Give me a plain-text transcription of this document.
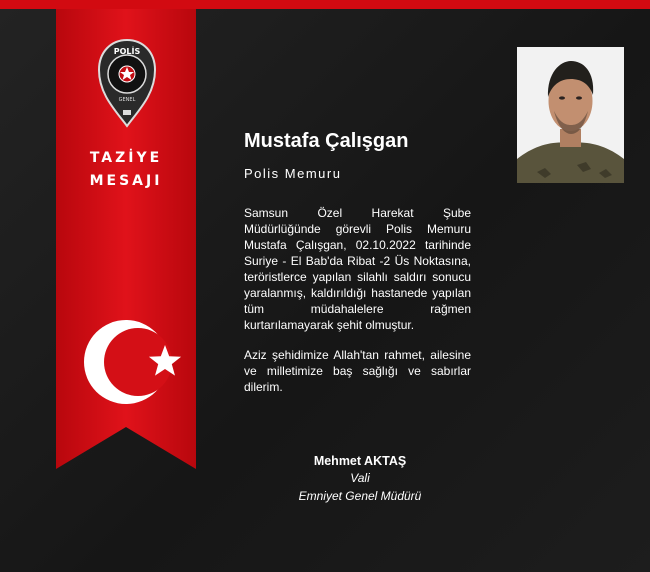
POLİS
GENEL
TAZİYE
MESAJI
Mustafa Çalışgan
Polis Memuru

Samsun Özel Harekat Şube Müdürlüğünde görevli Polis Memuru Mustafa Çalışgan, 02.10.2022 tarihinde Suriye - El Bab'da Ribat -2 Üs Noktasına, teröristlerce yapılan silahlı saldırı sonucu yaralanmış, kaldırıldığı hastanede yapılan tüm müdahalelere rağmen kurtarılamayarak şehit olmuştur.

Aziz şehidimize Allah'tan rahmet, ailesine ve milletimize baş sağlığı ve sabırlar dilerim.

Mehmet AKTAŞ
Vali
Emniyet Genel Müdürü
